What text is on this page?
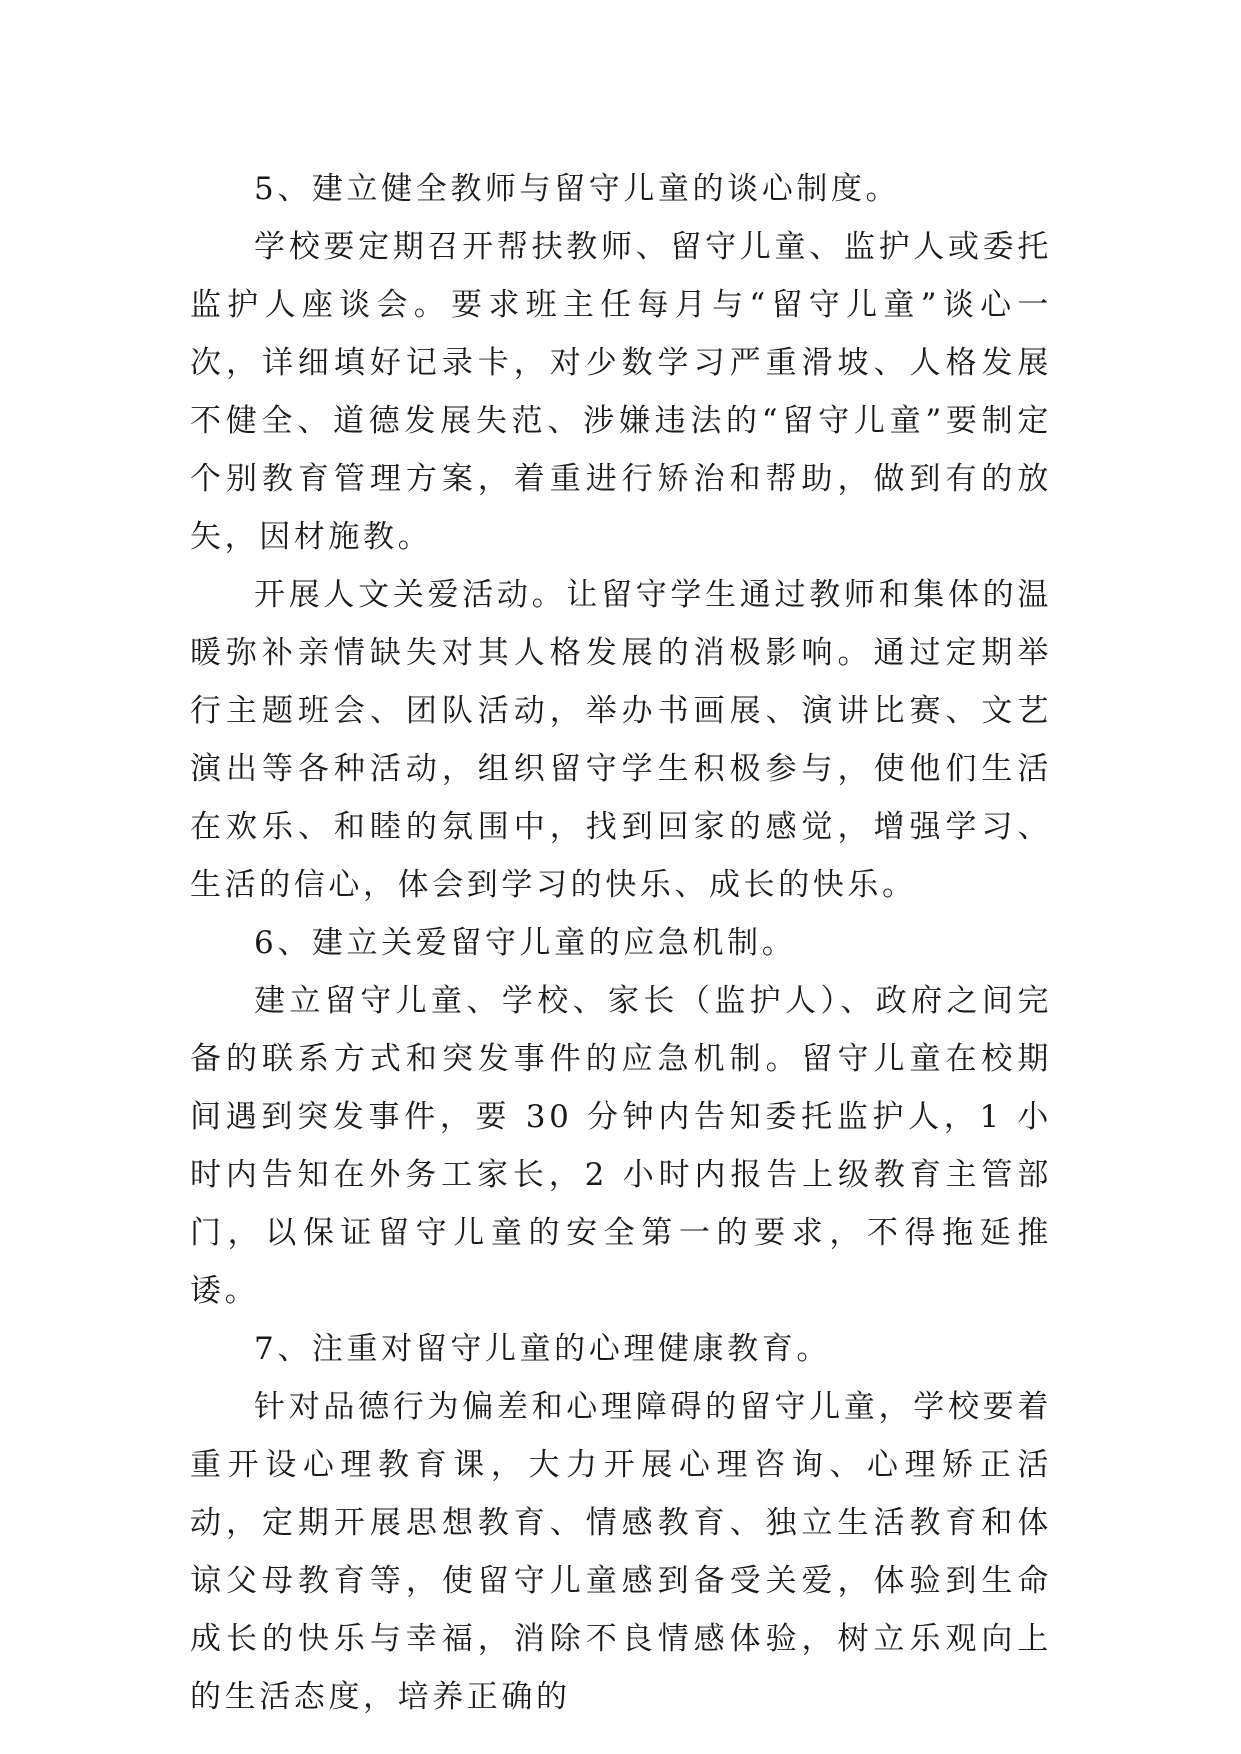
5、建立健全教师与留守儿童的谈心制度。

学校要定期召开帮扶教师、留守儿童、监护人或委托监护人座谈会。要求班主任每月与“留守儿童”谈心一次，详细填好记录卡，对少数学习严重滑坡、人格发展不健全、道德发展失范、涉嫌违法的“留守儿童”要制定个别教育管理方案，着重进行矫治和帮助，做到有的放矢，因材施教。

开展人文关爱活动。让留守学生通过教师和集体的温暖弥补亲情缺失对其人格发展的消极影响。通过定期举行主题班会、团队活动，举办书画展、演讲比赛、文艺演出等各种活动，组织留守学生积极参与，使他们生活在欢乐、和睦的氛围中，找到回家的感觉，增强学习、生活的信心，体会到学习的快乐、成长的快乐。

6、建立关爱留守儿童的应急机制。

建立留守儿童、学校、家长（监护人）、政府之间完备的联系方式和突发事件的应急机制。留守儿童在校期间遇到突发事件，要 30 分钟内告知委托监护人，1 小时内告知在外务工家长，2 小时内报告上级教育主管部门，以保证留守儿童的安全第一的要求，不得拖延推诿。

7、注重对留守儿童的心理健康教育。

针对品德行为偏差和心理障碍的留守儿童，学校要着重开设心理教育课，大力开展心理咨询、心理矫正活动，定期开展思想教育、情感教育、独立生活教育和体谅父母教育等，使留守儿童感到备受关爱，体验到生命成长的快乐与幸福，消除不良情感体验，树立乐观向上的生活态度，培养正确的
